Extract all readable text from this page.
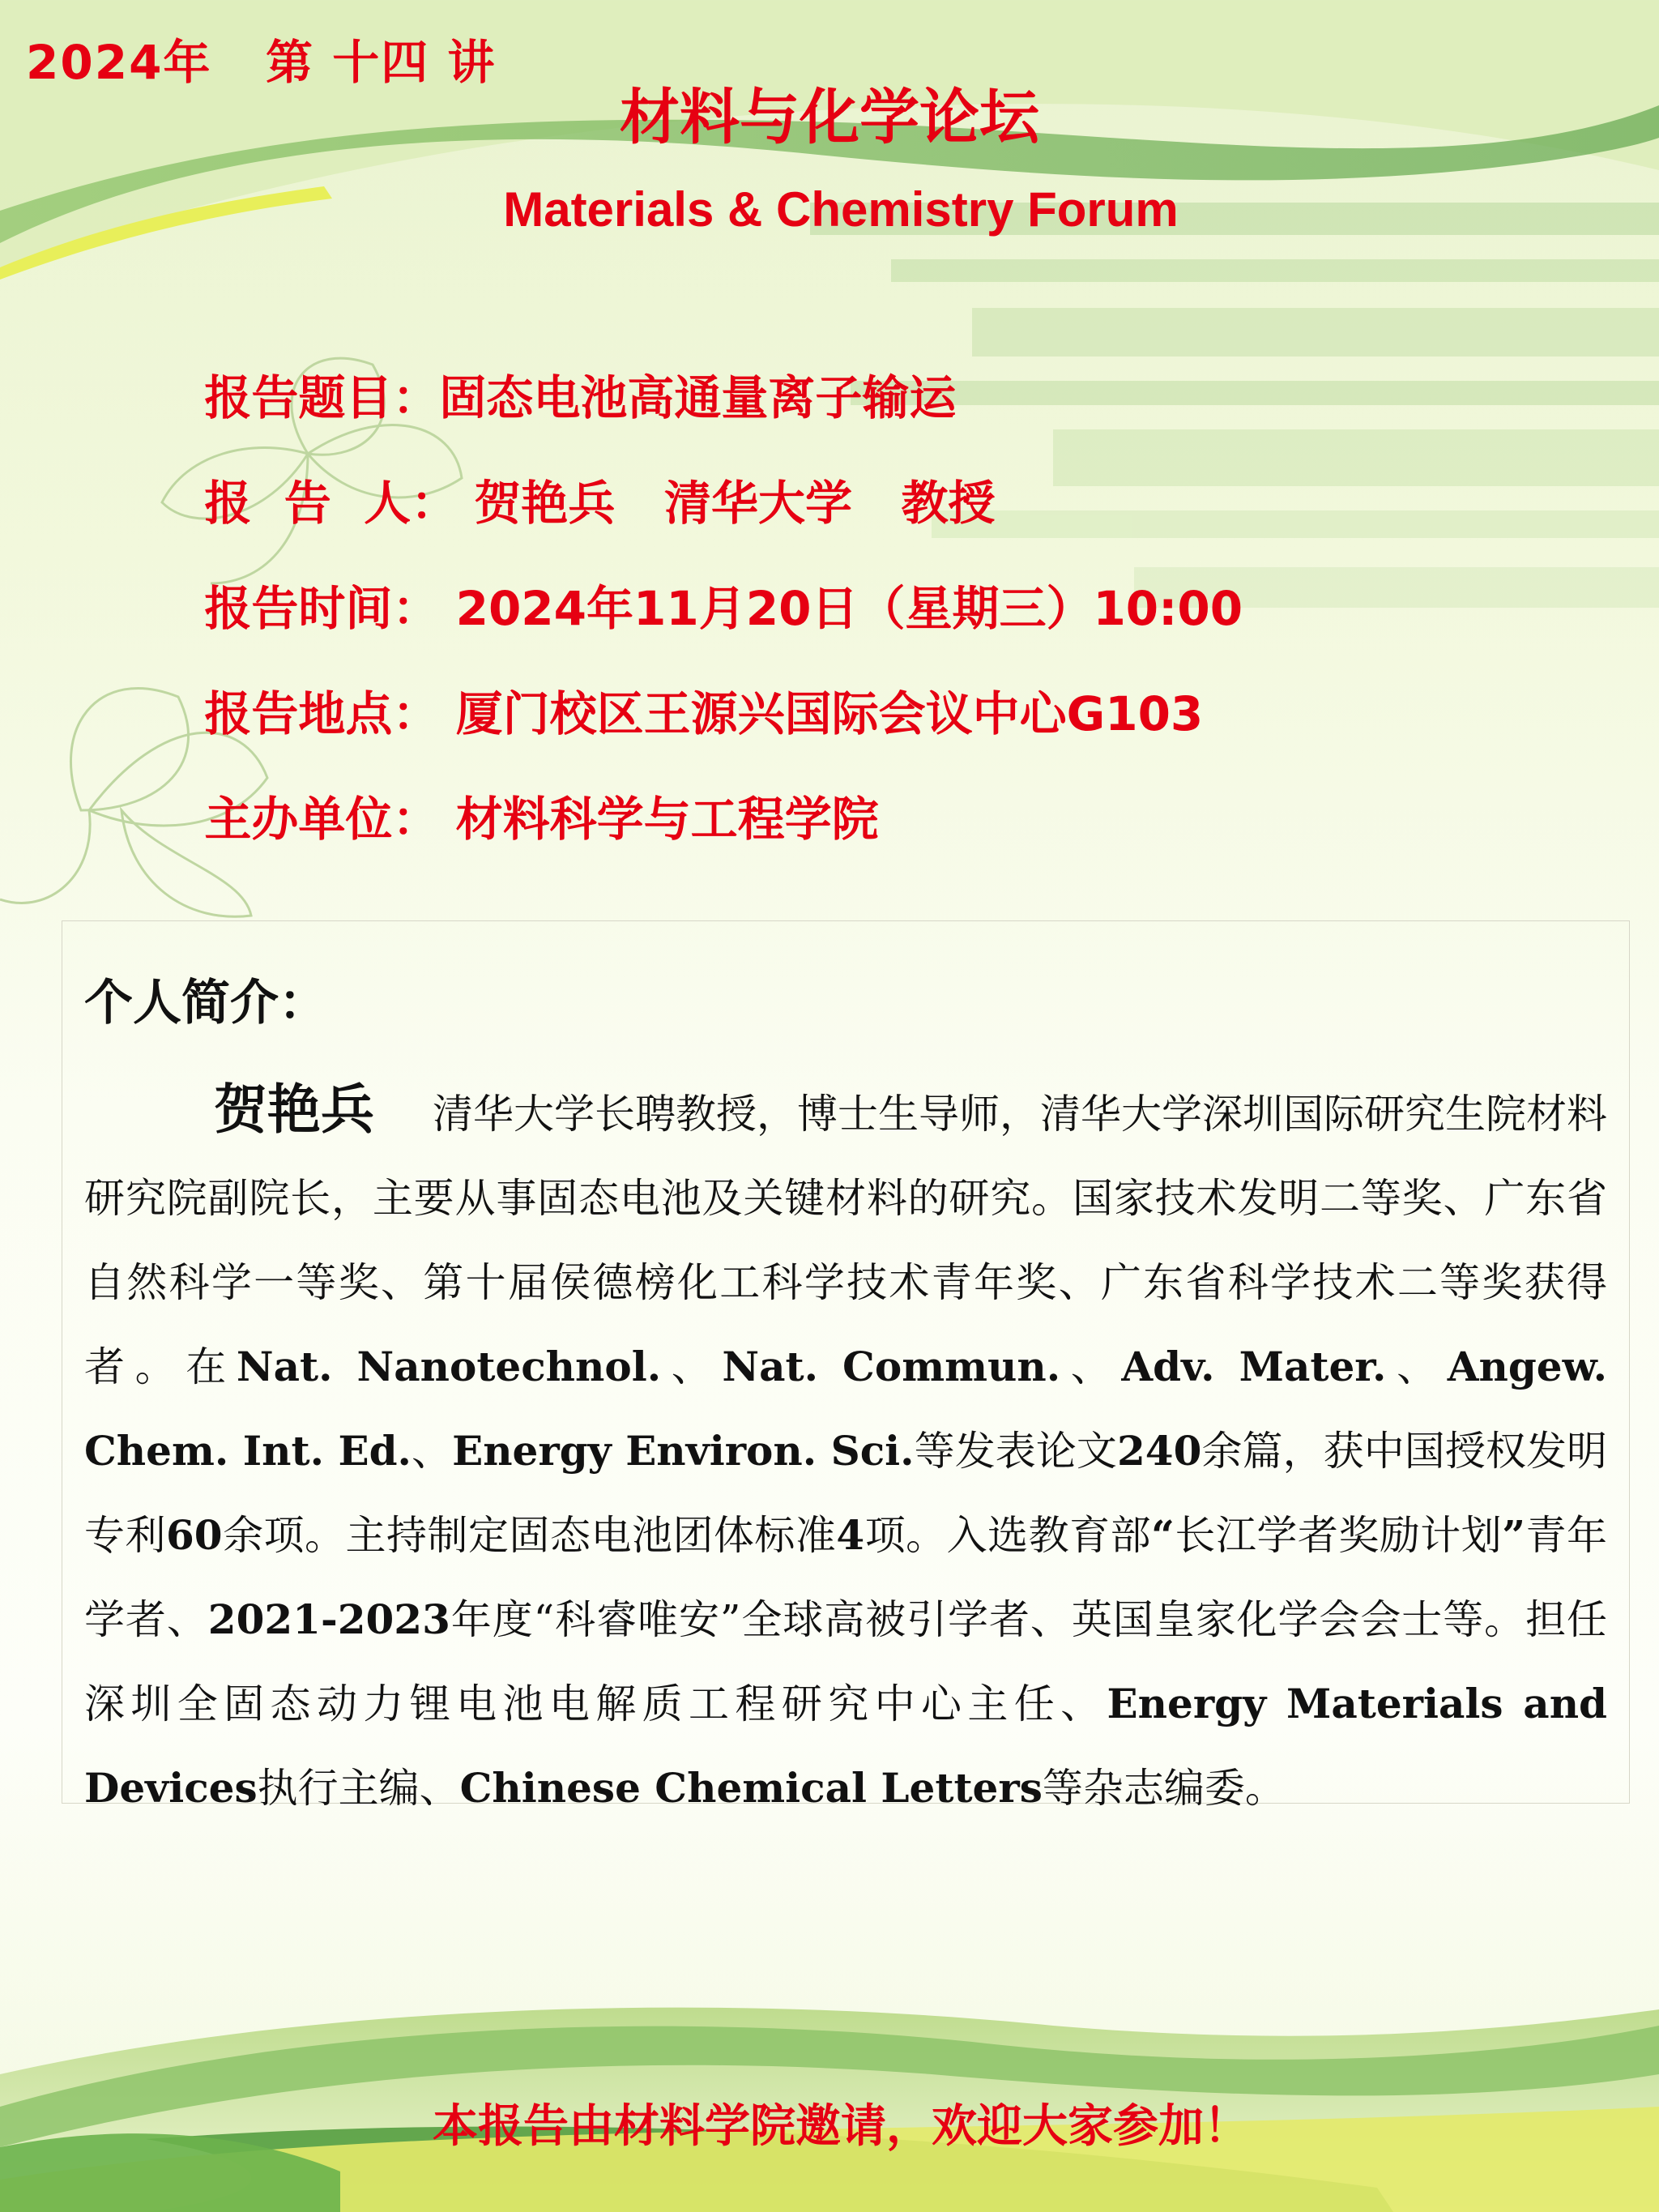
2024年   第 十四 讲
材料与化学论坛
Materials & Chemistry Forum

报告题目：固态电池高通量离子输运

报  告  人： 贺艳兵   清华大学   教授

报告时间： 2024年11月20日（星期三）10:00

报告地点： 厦门校区王源兴国际会议中心G103

主办单位： 材料科学与工程学院

个人简介：
贺艳兵 清华大学长聘教授，博士生导师，清华大学深圳国际研究生院材料研究院副院长，主要从事固态电池及关键材料的研究。国家技术发明二等奖、广东省自然科学一等奖、第十届侯德榜化工科学技术青年奖、广东省科学技术二等奖获得者。在Nat. Nanotechnol.、Nat. Commun.、Adv. Mater.、Angew. Chem. Int. Ed.、Energy Environ. Sci.等发表论文240余篇，获中国授权发明专利60余项。主持制定固态电池团体标准4项。入选教育部“长江学者奖励计划”青年学者、2021-2023年度“科睿唯安”全球高被引学者、英国皇家化学会会士等。担任深圳全固态动力锂电池电解质工程研究中心主任、Energy Materials and Devices执行主编、Chinese Chemical Letters等杂志编委。
本报告由材料学院邀请，欢迎大家参加！
